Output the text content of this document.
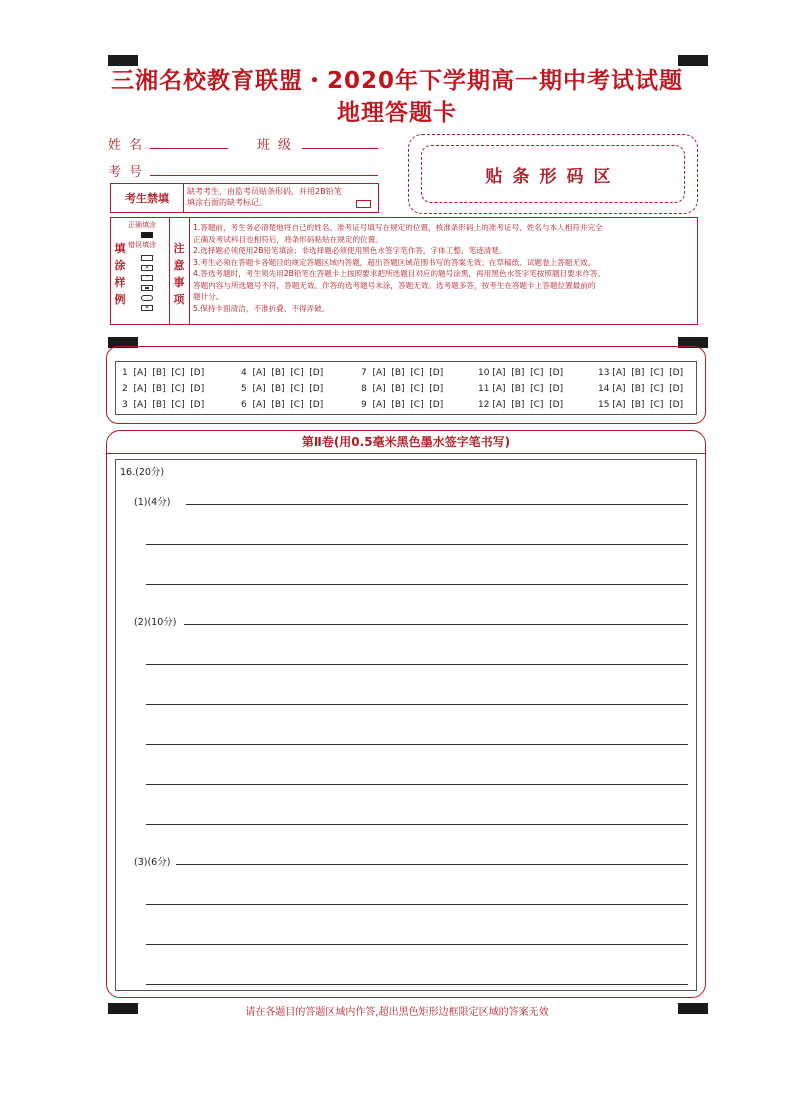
三湘名校教育联盟・2020年下学期高一期中考试试题
地理答题卡
姓名	班级
考号
考生禁填
缺考考生，由监考员贴条形码，并用2B铅笔填涂右面的缺考标记。
贴条形码区
填
涂
样
例
正确填涂
错误填涂
×
-
✕
注
意
事
项
1.答题前，考生务必清楚地将自己的姓名、准考证号填写在规定的位置，核准条形码上的准考证号、姓名与本人相符并完全
正确及考试科目也相符后，将条形码粘贴在规定的位置。
2.选择题必须使用2B铅笔填涂；非选择题必须使用黑色水签字笔作答，字体工整、笔迹清楚。
3.考生必须在答题卡各题目的规定答题区域内答题，超出答题区域范围书写的答案无效；在草稿纸、试题卷上答题无效。
4.答选考题时，考生须先用2B铅笔在答题卡上按照要求把所选题目对应的题号涂黑，再用黑色水签字笔按照题目要求作答。
答题内容与所选题号不符，答题无效。作答的选考题号未涂，答题无效。选考题多答，按考生在答题卡上答题位置最前的
题计分。
5.保持卡面清洁，不准折叠、不得弄破。
1  [A]  [B]  [C]  [D]	4  [A]  [B]  [C]  [D]	7  [A]  [B]  [C]  [D]	10 [A]  [B]  [C]  [D]	13 [A]  [B]  [C]  [D]
2  [A]  [B]  [C]  [D]	5  [A]  [B]  [C]  [D]	8  [A]  [B]  [C]  [D]	11 [A]  [B]  [C]  [D]	14 [A]  [B]  [C]  [D]
3  [A]  [B]  [C]  [D]	6  [A]  [B]  [C]  [D]	9  [A]  [B]  [C]  [D]	12 [A]  [B]  [C]  [D]	15 [A]  [B]  [C]  [D]
第Ⅱ卷(用0.5毫米黑色墨水签字笔书写)
16.(20分)
(1)(4分)
(2)(10分)
(3)(6分)
请在各题目的答题区域内作答,超出黑色矩形边框限定区域的答案无效
